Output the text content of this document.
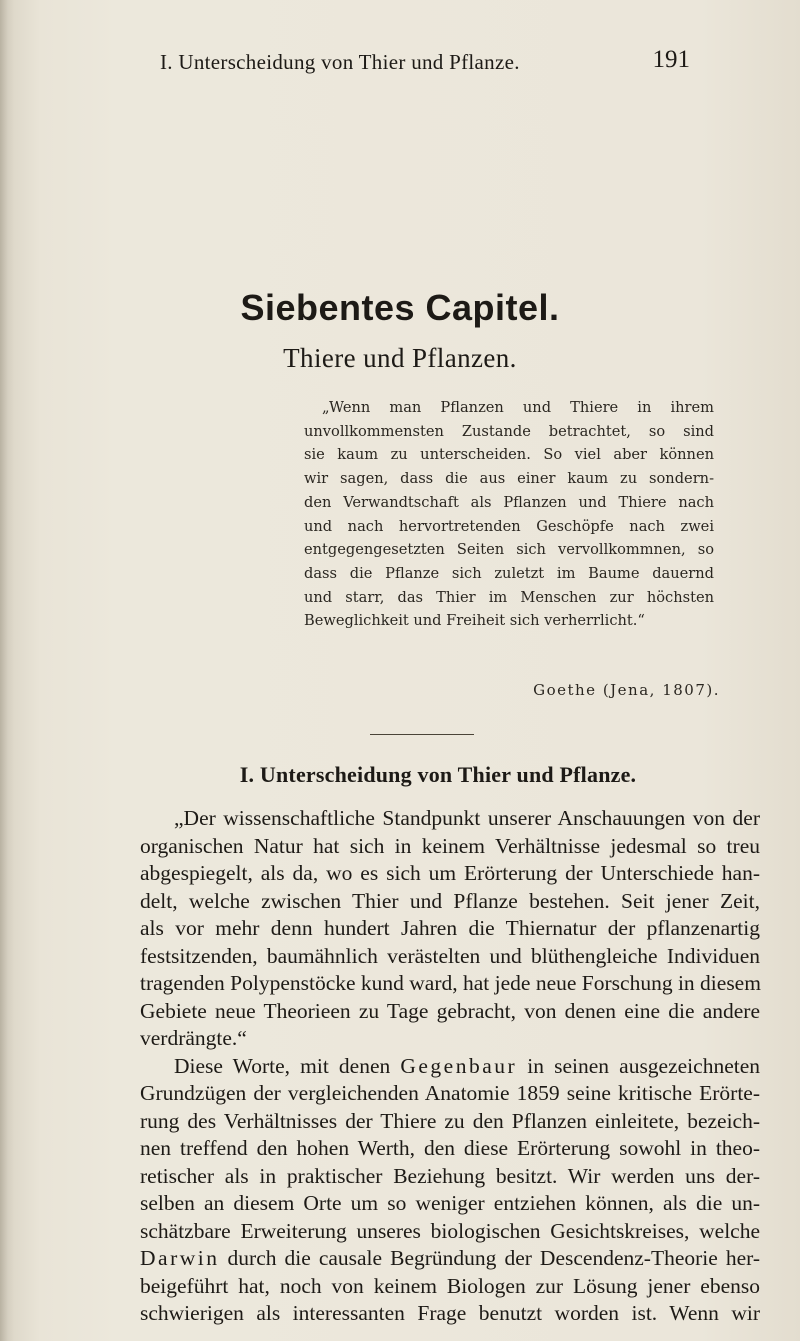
I. Unterscheidung von Thier und Pflanze.	191
Siebentes Capitel.
Thiere und Pflanzen.
„Wenn man Pflanzen und Thiere in ihrem
unvollkommensten Zustande betrachtet, so sind
sie kaum zu unterscheiden. So viel aber können
wir sagen, dass die aus einer kaum zu sondern-
den Verwandtschaft als Pflanzen und Thiere nach
und nach hervortretenden Geschöpfe nach zwei
entgegengesetzten Seiten sich vervollkommnen, so
dass die Pflanze sich zuletzt im Baume dauernd
und starr, das Thier im Menschen zur höchsten
Beweglichkeit und Freiheit sich verherrlicht.“
Goethe (Jena, 1807).
I. Unterscheidung von Thier und Pflanze.
„Der wissenschaftliche Standpunkt unserer Anschauungen von der
organischen Natur hat sich in keinem Verhältnisse jedesmal so treu
abgespiegelt, als da, wo es sich um Erörterung der Unterschiede han-
delt, welche zwischen Thier und Pflanze bestehen. Seit jener Zeit,
als vor mehr denn hundert Jahren die Thiernatur der pflanzenartig
festsitzenden, baumähnlich verästelten und blüthengleiche Individuen
tragenden Polypenstöcke kund ward, hat jede neue Forschung in diesem
Gebiete neue Theorieen zu Tage gebracht, von denen eine die andere
verdrängte.“
Diese Worte, mit denen Gegenbaur in seinen ausgezeichneten
Grundzügen der vergleichenden Anatomie 1859 seine kritische Erörte-
rung des Verhältnisses der Thiere zu den Pflanzen einleitete, bezeich-
nen treffend den hohen Werth, den diese Erörterung sowohl in theo-
retischer als in praktischer Beziehung besitzt. Wir werden uns der-
selben an diesem Orte um so weniger entziehen können, als die un-
schätzbare Erweiterung unseres biologischen Gesichtskreises, welche
Darwin durch die causale Begründung der Descendenz-Theorie her-
beigeführt hat, noch von keinem Biologen zur Lösung jener ebenso
schwierigen als interessanten Frage benutzt worden ist. Wenn wir
